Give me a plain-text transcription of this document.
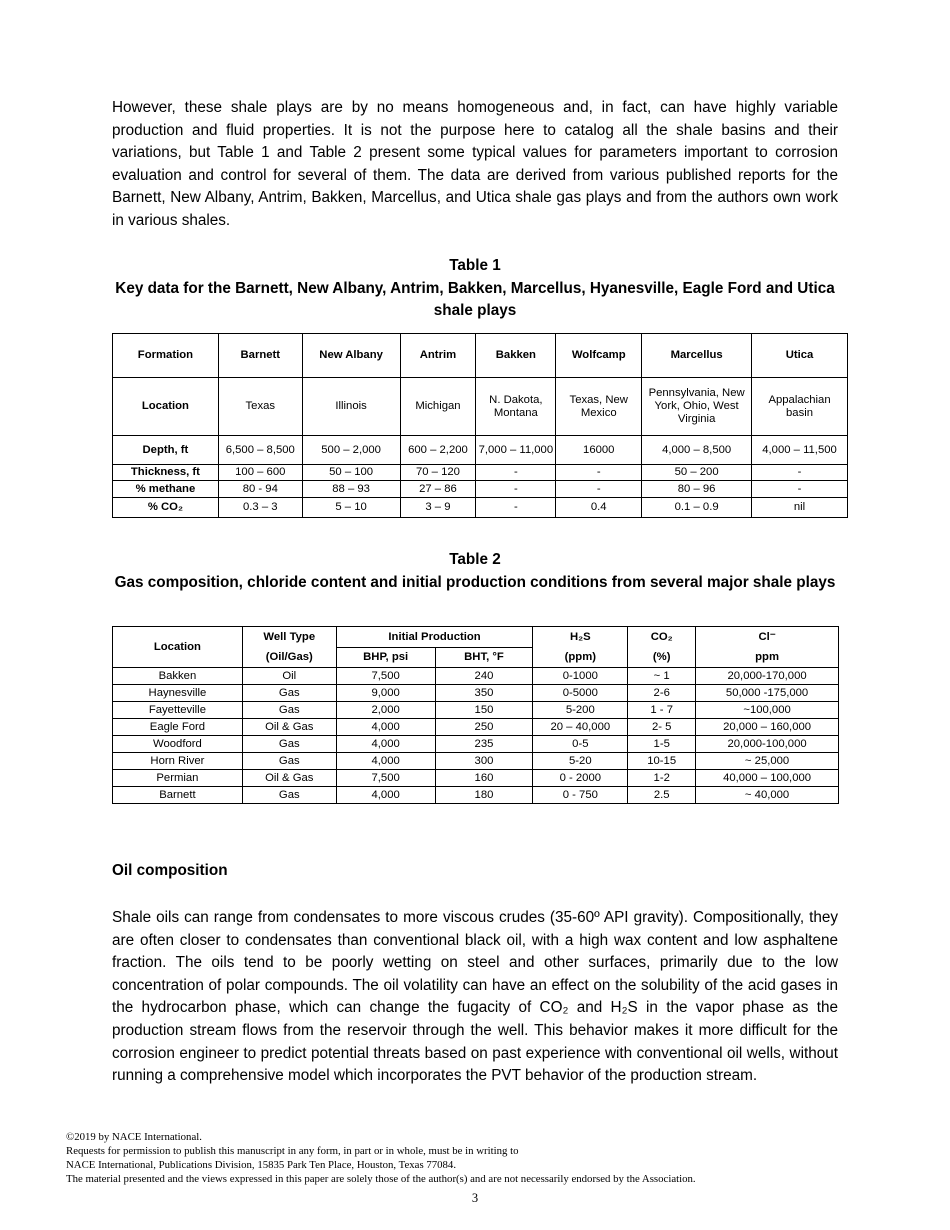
However, these shale plays are by no means homogeneous and, in fact, can have highly variable production and fluid properties. It is not the purpose here to catalog all the shale basins and their variations, but Table 1 and Table 2 present some typical values for parameters important to corrosion evaluation and control for several of them. The data are derived from various published reports for the Barnett, New Albany, Antrim, Bakken, Marcellus, and Utica shale gas plays and from the authors own work in various shales.

Table 1
Key data for the Barnett, New Albany, Antrim, Bakken, Marcellus, Hyanesville, Eagle Ford and Utica shale plays
Formation	Barnett	New Albany	Antrim	Bakken	Wolfcamp	Marcellus	Utica
Location	Texas	Illinois	Michigan	N. Dakota, Montana	Texas, New Mexico	Pennsylvania, New York, Ohio, West Virginia	Appalachian basin
Depth, ft	6,500 – 8,500	500 – 2,000	600 – 2,200	7,000 – 11,000	16000	4,000 – 8,500	4,000 – 11,500
Thickness, ft	100 – 600	50 – 100	70 – 120	-	-	50 – 200	-
% methane	80 - 94	88 – 93	27 – 86	-	-	80 – 96	-
% CO₂	0.3 – 3	5 – 10	3 – 9	-	0.4	0.1 – 0.9	nil
Table 2
Gas composition, chloride content and initial production conditions from several major shale plays
Location	Well Type	Initial Production		H₂S	CO₂	Cl⁻
	(Oil/Gas)	BHP, psi	BHT, °F	(ppm)	(%)	ppm
Bakken	Oil	7,500	240	0-1000	~ 1	20,000-170,000
Haynesville	Gas	9,000	350	0-5000	2-6	50,000 -175,000
Fayetteville	Gas	2,000	150	5-200	1 - 7	~100,000
Eagle Ford	Oil & Gas	4,000	250	20 – 40,000	2- 5	20,000 – 160,000
Woodford	Gas	4,000	235	0-5	1-5	20,000-100,000
Horn River	Gas	4,000	300	5-20	10-15	~ 25,000
Permian	Oil & Gas	7,500	160	0 - 2000	1-2	40,000 – 100,000
Barnett	Gas	4,000	180	0 - 750	2.5	~ 40,000

Oil composition

Shale oils can range from condensates to more viscous crudes (35-60º API gravity). Compositionally, they are often closer to condensates than conventional black oil, with a high wax content and low asphaltene fraction. The oils tend to be poorly wetting on steel and other surfaces, primarily due to the low concentration of polar compounds. The oil volatility can have an effect on the solubility of the acid gases in the hydrocarbon phase, which can change the fugacity of CO₂ and H₂S in the vapor phase as the production stream flows from the reservoir through the well. This behavior makes it more difficult for the corrosion engineer to predict potential threats based on past experience with conventional oil wells, without running a comprehensive model which incorporates the PVT behavior of the production stream.

©2019 by NACE International.
Requests for permission to publish this manuscript in any form, in part or in whole, must be in writing to
NACE International, Publications Division, 15835 Park Ten Place, Houston, Texas 77084.
The material presented and the views expressed in this paper are solely those of the author(s) and are not necessarily endorsed by the Association.
3
